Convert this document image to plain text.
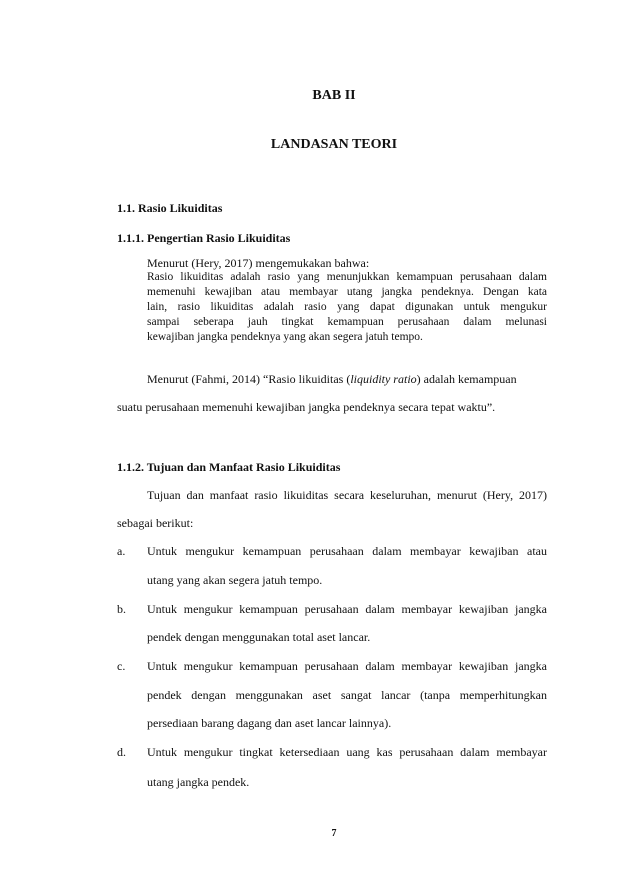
BAB II
LANDASAN TEORI
1.1. Rasio Likuiditas
1.1.1. Pengertian Rasio Likuiditas
Menurut (Hery, 2017) mengemukakan bahwa:
Rasio likuiditas adalah rasio yang menunjukkan kemampuan perusahaan dalam
memenuhi kewajiban atau membayar utang jangka pendeknya. Dengan kata
lain, rasio likuiditas adalah rasio yang dapat digunakan untuk mengukur
sampai seberapa jauh tingkat kemampuan perusahaan dalam melunasi
kewajiban jangka pendeknya yang akan segera jatuh tempo.
Menurut (Fahmi, 2014) “Rasio likuiditas (liquidity ratio) adalah kemampuan
suatu perusahaan memenuhi kewajiban jangka pendeknya secara tepat waktu”.
1.1.2. Tujuan dan Manfaat Rasio Likuiditas
Tujuan dan manfaat rasio likuiditas secara keseluruhan, menurut (Hery, 2017)
sebagai berikut:
a. Untuk mengukur kemampuan perusahaan dalam membayar kewajiban atau
utang yang akan segera jatuh tempo.
b. Untuk mengukur kemampuan perusahaan dalam membayar kewajiban jangka
pendek dengan menggunakan total aset lancar.
c. Untuk mengukur kemampuan perusahaan dalam membayar kewajiban jangka
pendek dengan menggunakan aset sangat lancar (tanpa memperhitungkan
persediaan barang dagang dan aset lancar lainnya).
d. Untuk mengukur tingkat ketersediaan uang kas perusahaan dalam membayar
utang jangka pendek.
7
